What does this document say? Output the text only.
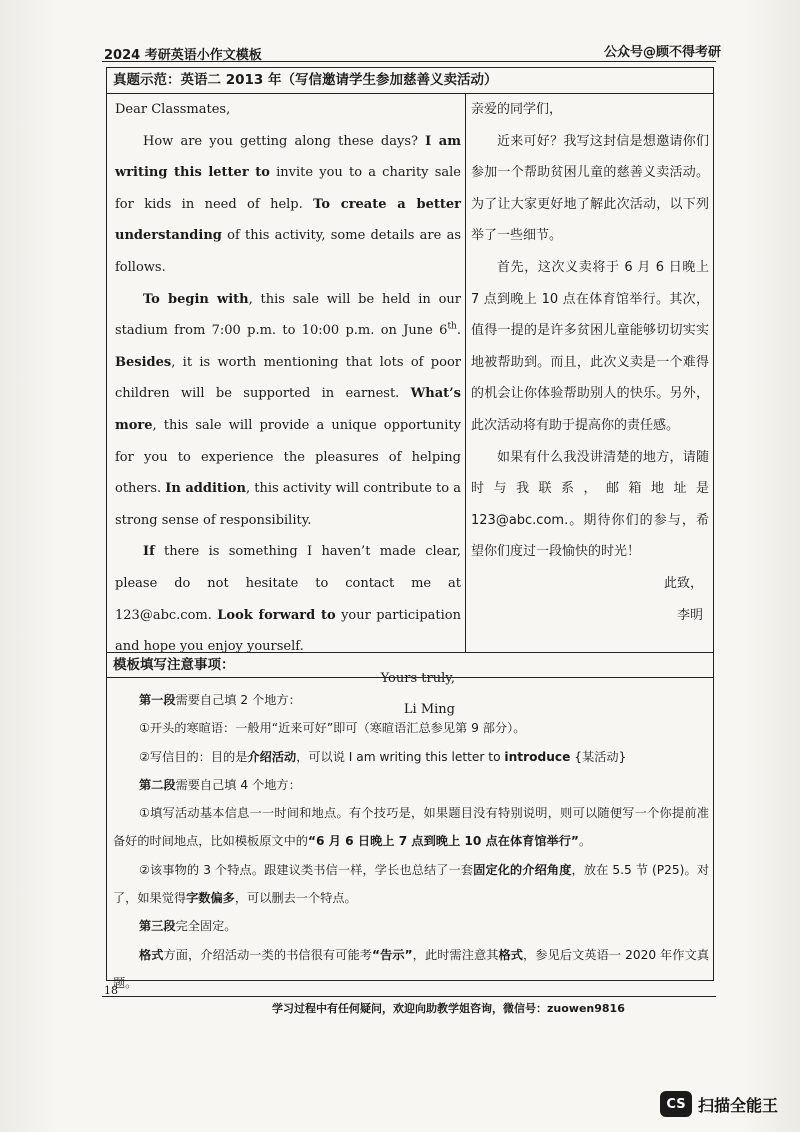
2024 考研英语小作文模板	公众号@顾不得考研
真题示范：英语二 2013 年（写信邀请学生参加慈善义卖活动）

Dear Classmates,

How are you getting along these days? I am writing this letter to invite you to a charity sale for kids in need of help. To create a better understanding of this activity, some details are as follows.

To begin with, this sale will be held in our stadium from 7:00 p.m. to 10:00 p.m. on June 6th. Besides, it is worth mentioning that lots of poor children will be supported in earnest. What’s more, this sale will provide a unique opportunity for you to experience the pleasures of helping others. In addition, this activity will contribute to a strong sense of responsibility.

If there is something I haven’t made clear, please do not hesitate to contact me at 123@abc.com. Look forward to your participation and hope you enjoy yourself.

Yours truly,

Li Ming

亲爱的同学们，

近来可好？我写这封信是想邀请你们参加一个帮助贫困儿童的慈善义卖活动。为了让大家更好地了解此次活动，以下列举了一些细节。

首先，这次义卖将于 6 月 6 日晚上 7 点到晚上 10 点在体育馆举行。其次，值得一提的是许多贫困儿童能够切切实实地被帮助到。而且，此次义卖是一个难得的机会让你体验帮助别人的快乐。另外，此次活动将有助于提高你的责任感。

如果有什么我没讲清楚的地方，请随时与我联系，邮箱地址是 123@abc.com.。期待你们的参与，希望你们度过一段愉快的时光！

此致，

李明

模板填写注意事项：

第一段需要自己填 2 个地方：

①开头的寒暄语：一般用“近来可好”即可（寒暄语汇总参见第 9 部分）。

②写信目的：目的是介绍活动，可以说 I am writing this letter to introduce {某活动}

第二段需要自己填 4 个地方：

①填写活动基本信息一一时间和地点。有个技巧是，如果题目没有特别说明，则可以随便写一个你提前准备好的时间地点，比如模板原文中的“6 月 6 日晚上 7 点到晚上 10 点在体育馆举行”。

②该事物的 3 个特点。跟建议类书信一样，学长也总结了一套固定化的介绍角度，放在 5.5 节 (P25)。对了，如果觉得字数偏多，可以删去一个特点。

第三段完全固定。

格式方面，介绍活动一类的书信很有可能考“告示”，此时需注意其格式，参见后文英语一 2020 年作文真题。

18
学习过程中有任何疑问，欢迎向助教学姐咨询，微信号：zuowen9816
CS 扫描全能王
